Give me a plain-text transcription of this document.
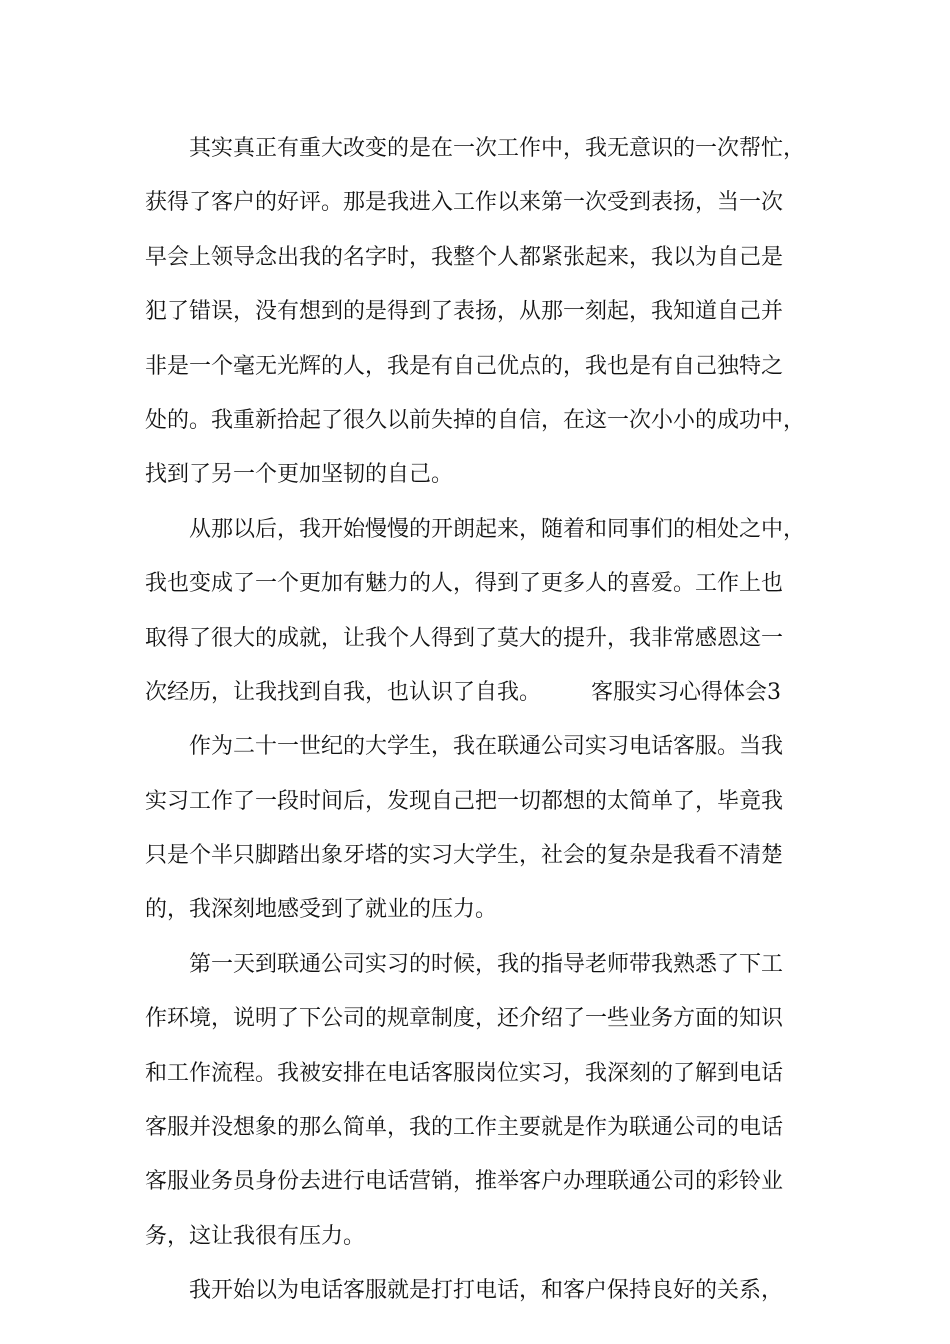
其实真正有重大改变的是在一次工作中，我无意识的一次帮忙，
获得了客户的好评。那是我进入工作以来第一次受到表扬，当一次
早会上领导念出我的名字时，我整个人都紧张起来，我以为自己是
犯了错误，没有想到的是得到了表扬，从那一刻起，我知道自己并
非是一个毫无光辉的人，我是有自己优点的，我也是有自己独特之
处的。我重新拾起了很久以前失掉的自信，在这一次小小的成功中，
找到了另一个更加坚韧的自己。
从那以后，我开始慢慢的开朗起来，随着和同事们的相处之中，
我也变成了一个更加有魅力的人，得到了更多人的喜爱。工作上也
取得了很大的成就，让我个人得到了莫大的提升，我非常感恩这一
次经历，让我找到自我，也认识了自我。 客服实习心得体会3
作为二十一世纪的大学生，我在联通公司实习电话客服。当我
实习工作了一段时间后，发现自己把一切都想的太简单了，毕竟我
只是个半只脚踏出象牙塔的实习大学生，社会的复杂是我看不清楚
的，我深刻地感受到了就业的压力。
第一天到联通公司实习的时候，我的指导老师带我熟悉了下工
作环境，说明了下公司的规章制度，还介绍了一些业务方面的知识
和工作流程。我被安排在电话客服岗位实习，我深刻的了解到电话
客服并没想象的那么简单，我的工作主要就是作为联通公司的电话
客服业务员身份去进行电话营销，推举客户办理联通公司的彩铃业
务，这让我很有压力。
我开始以为电话客服就是打打电话，和客户保持良好的关系，
